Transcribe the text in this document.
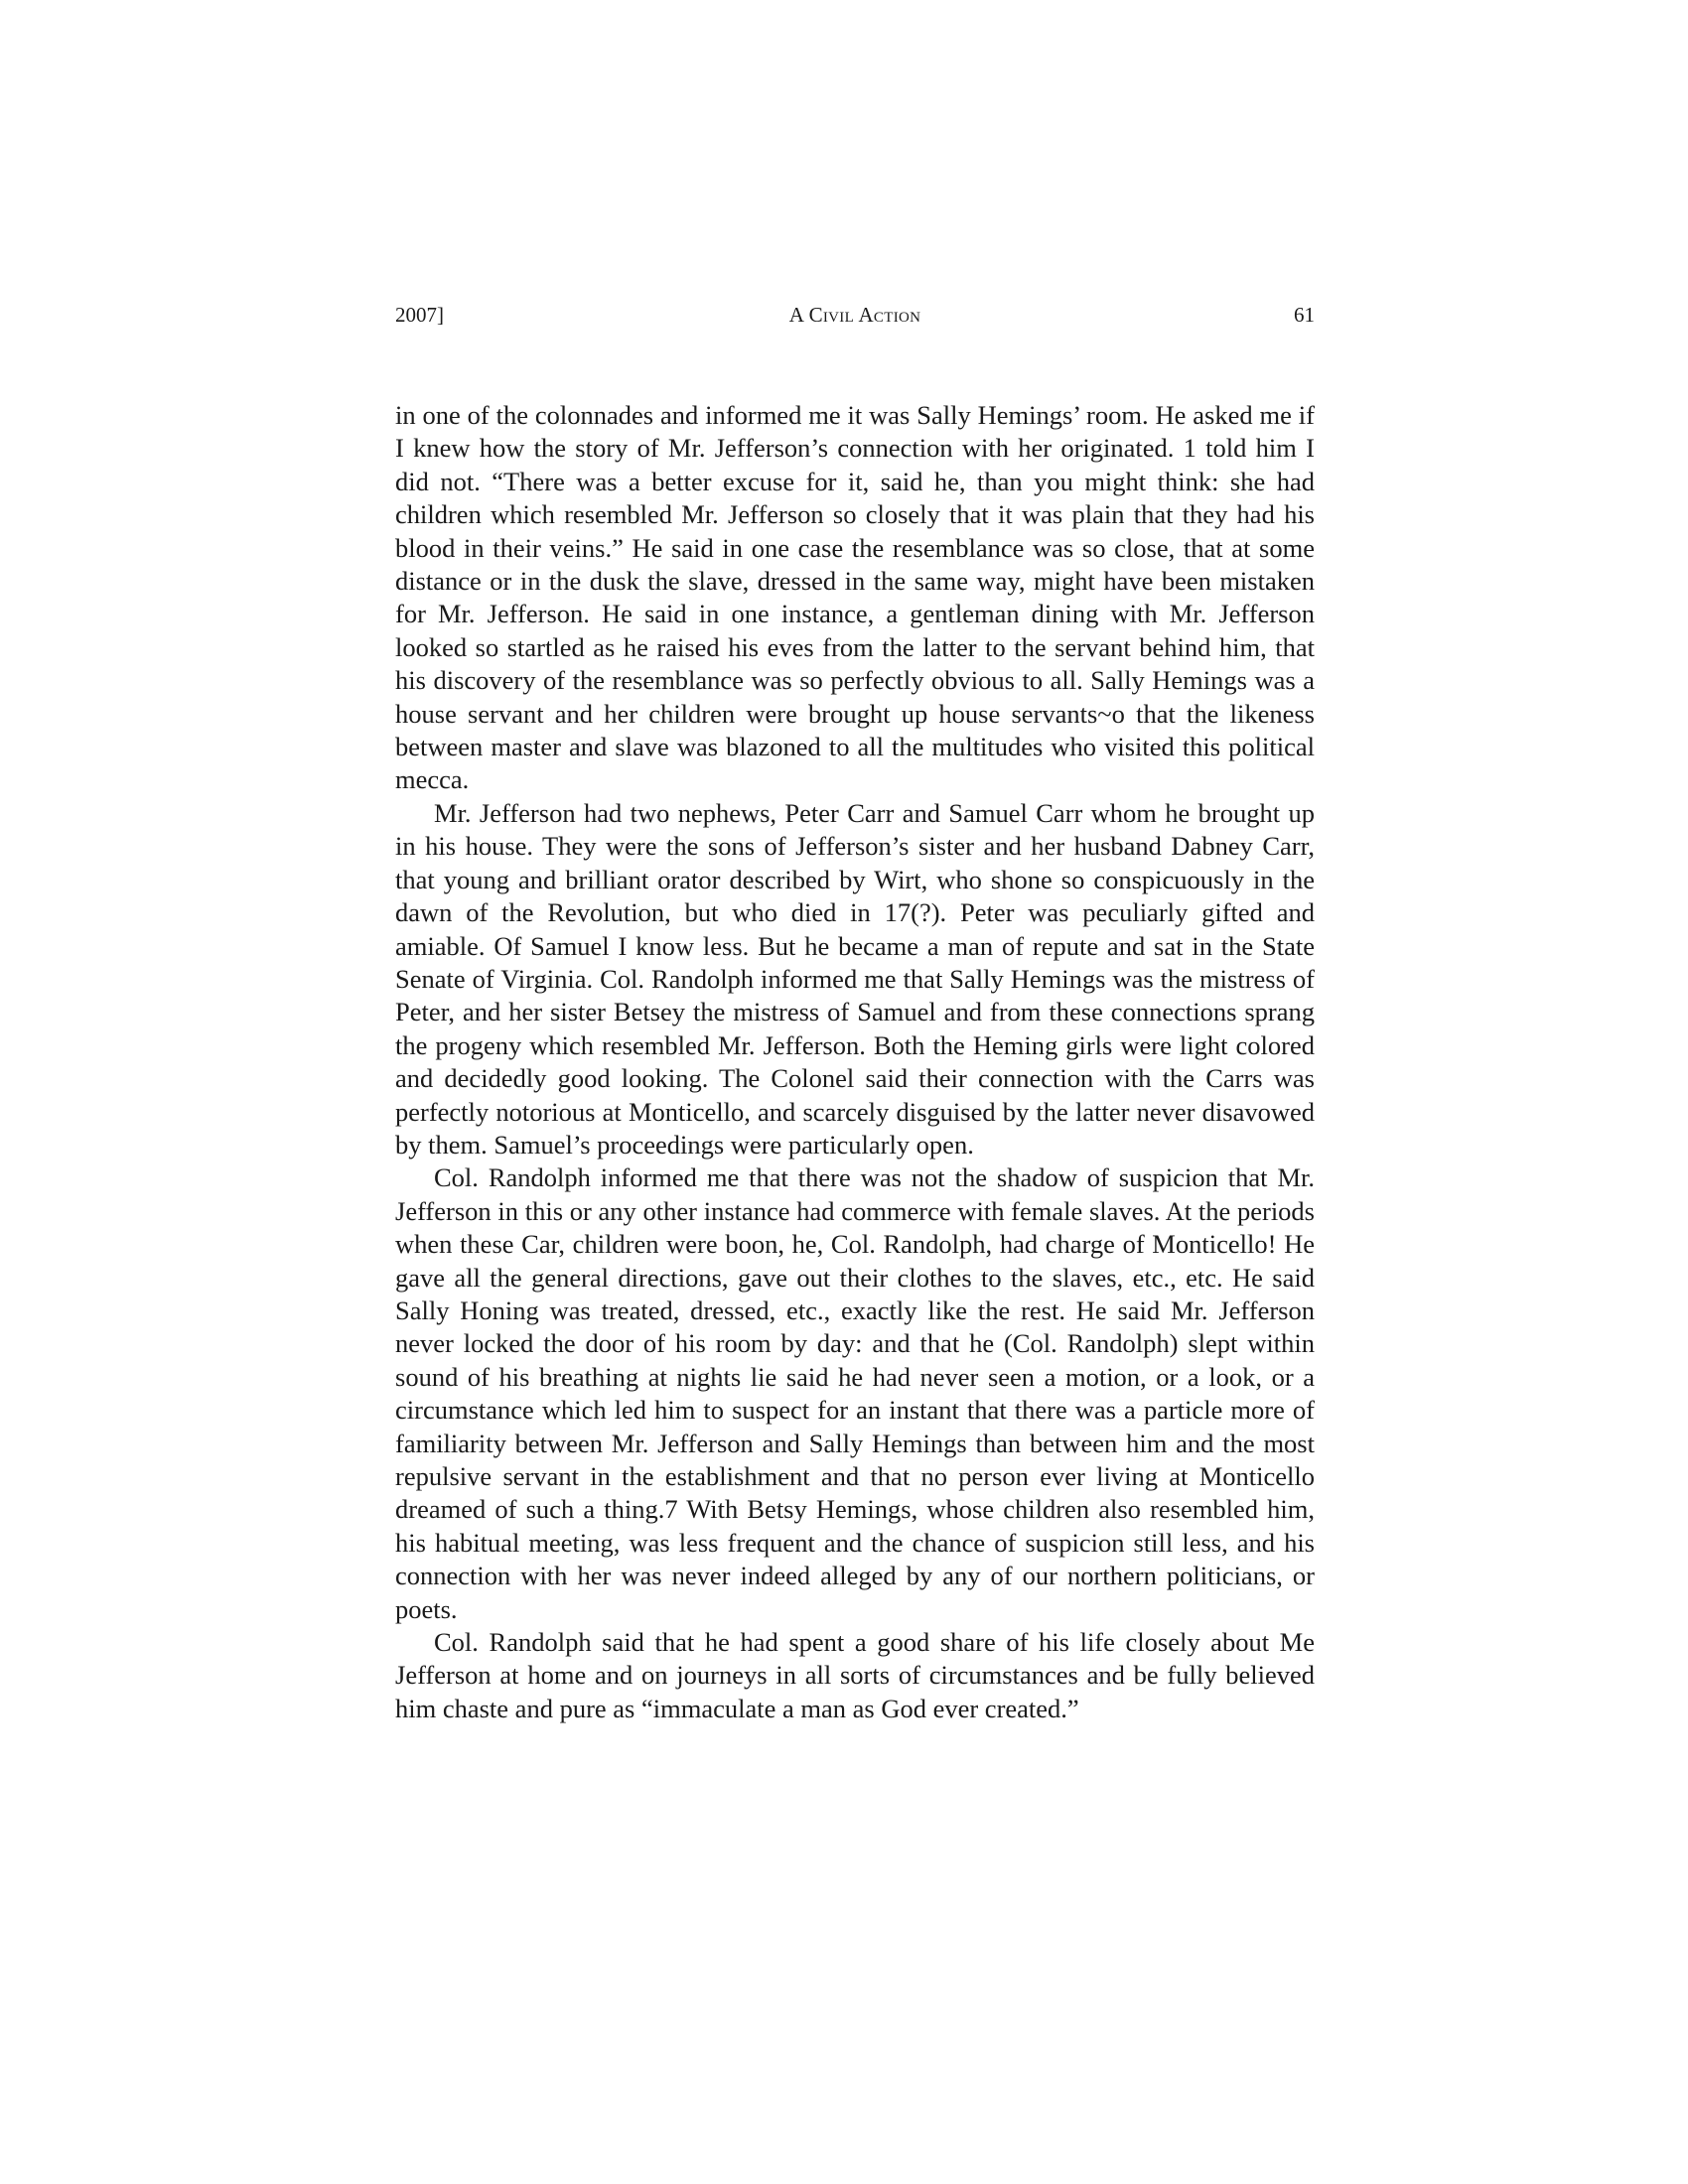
2007]	A Civil Action	61

in one of the colonnades and informed me it was Sally Hemings’ room. He asked me if I knew how the story of Mr. Jefferson’s connection with her originated. 1 told him I did not. “There was a better excuse for it, said he, than you might think: she had children which resembled Mr. Jefferson so closely that it was plain that they had his blood in their veins.” He said in one case the resemblance was so close, that at some distance or in the dusk the slave, dressed in the same way, might have been mistaken for Mr. Jefferson. He said in one instance, a gentleman dining with Mr. Jefferson looked so startled as he raised his eves from the latter to the servant behind him, that his discovery of the resemblance was so perfectly obvious to all. Sally Hemings was a house servant and her children were brought up house servants~o that the likeness between master and slave was blazoned to all the multitudes who visited this political mecca.

Mr. Jefferson had two nephews, Peter Carr and Samuel Carr whom he brought up in his house. They were the sons of Jefferson’s sister and her husband Dabney Carr, that young and brilliant orator described by Wirt, who shone so conspicuously in the dawn of the Revolution, but who died in 17(?). Peter was peculiarly gifted and amiable. Of Samuel I know less. But he became a man of repute and sat in the State Senate of Virginia. Col. Randolph informed me that Sally Hemings was the mistress of Peter, and her sister Betsey the mistress of Samuel and from these connections sprang the progeny which resembled Mr. Jefferson. Both the Heming girls were light colored and decidedly good looking. The Colonel said their connection with the Carrs was perfectly notorious at Monticello, and scarcely disguised by the latter never disavowed by them. Samuel’s proceedings were particularly open.

Col. Randolph informed me that there was not the shadow of suspicion that Mr. Jefferson in this or any other instance had commerce with female slaves. At the periods when these Car, children were boon, he, Col. Randolph, had charge of Monticello! He gave all the general directions, gave out their clothes to the slaves, etc., etc. He said Sally Honing was treated, dressed, etc., exactly like the rest. He said Mr. Jefferson never locked the door of his room by day: and that he (Col. Randolph) slept within sound of his breathing at nights lie said he had never seen a motion, or a look, or a circumstance which led him to suspect for an instant that there was a particle more of familiarity between Mr. Jefferson and Sally Hemings than between him and the most repulsive servant in the establishment and that no person ever living at Monticello dreamed of such a thing.7 With Betsy Hemings, whose children also resembled him, his habitual meeting, was less frequent and the chance of suspicion still less, and his connection with her was never indeed alleged by any of our northern politicians, or poets.

Col. Randolph said that he had spent a good share of his life closely about Me Jefferson at home and on journeys in all sorts of circumstances and be fully believed him chaste and pure as “immaculate a man as God ever created.”
